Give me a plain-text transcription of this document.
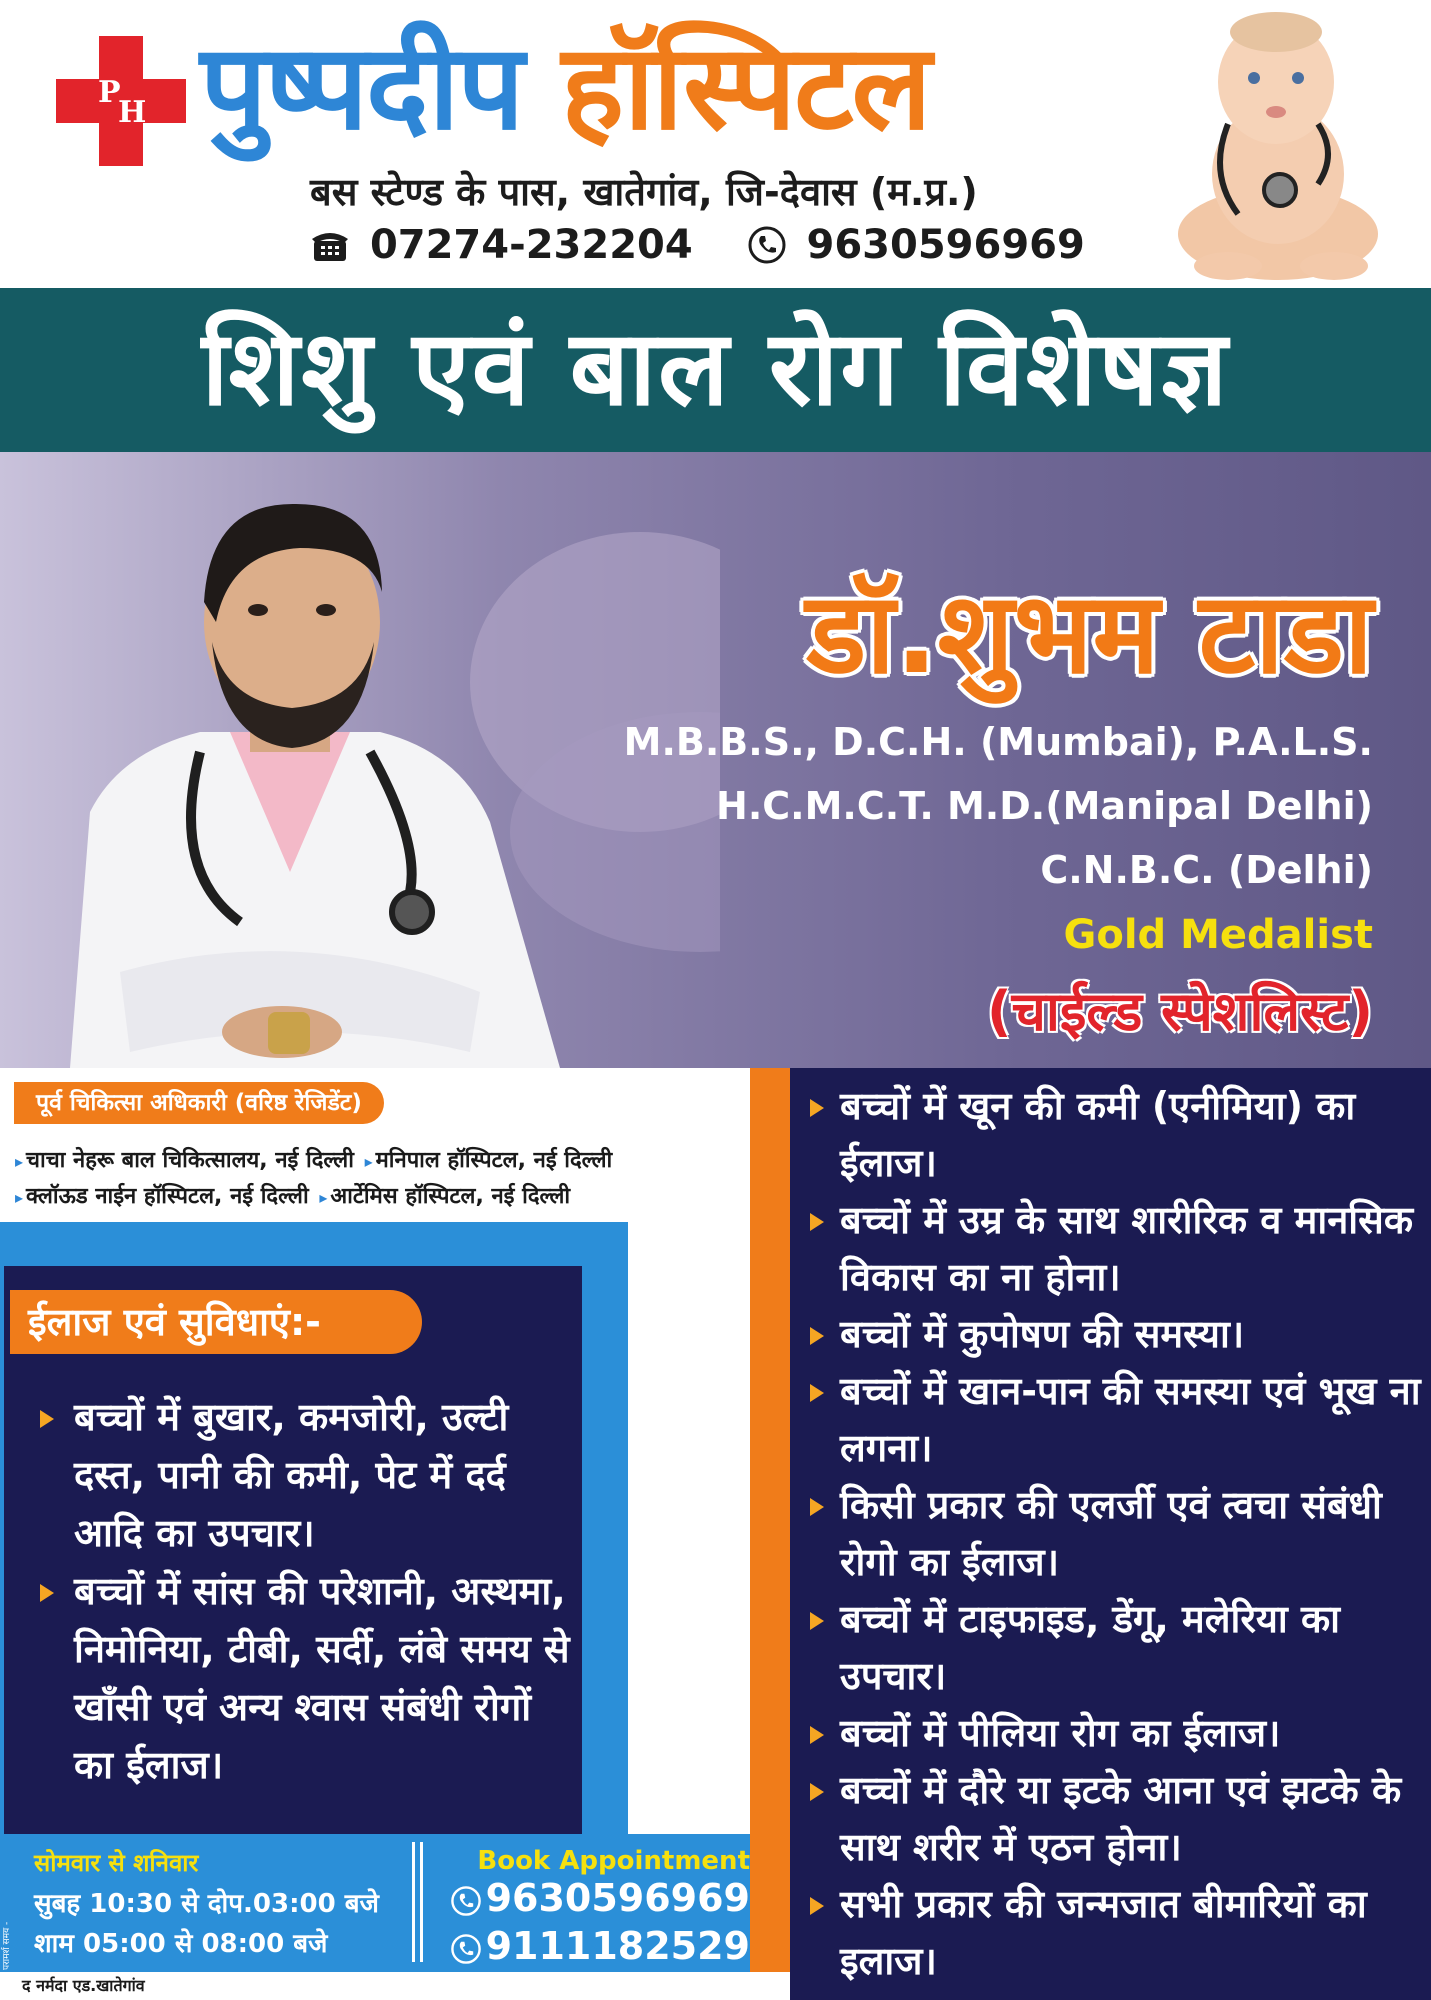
P
H पुष्पदीप हॉस्पिटल
बस स्टेण्ड के पास, खातेगांव, जि-देवास (म.प्र.)
07274-232204	9630596969
शिशु एवं बाल रोग विशेषज्ञ
डॉ.शुभम टाडा
M.B.B.S., D.C.H. (Mumbai), P.A.L.S.
H.C.M.C.T. M.D.(Manipal Delhi)
C.N.B.C. (Delhi)
Gold Medalist
(चाईल्ड स्पेशलिस्ट)
पूर्व चिकित्सा अधिकारी (वरिष्ठ रेजिडेंट)
▸ चाचा नेहरू बाल चिकित्सालय, नई दिल्ली ▸ मनिपाल हॉस्पिटल, नई दिल्ली
▸ क्लॉऊड नाईन हॉस्पिटल, नई दिल्ली ▸ आर्टेमिस हॉस्पिटल, नई दिल्ली
ईलाज एवं सुविधाएं:-
बच्चों में बुखार, कमजोरी, उल्टी दस्त, पानी की कमी, पेट में दर्द आदि का उपचार।
बच्चों में सांस की परेशानी, अस्थमा, निमोनिया, टीबी, सर्दी, लंबे समय से खाँसी एवं अन्य श्वास संबंधी रोगों का ईलाज।
परामर्श समय -
सोमवार से शनिवार
सुबह 10:30 से दोप.03:00 बजे
शाम 05:00 से 08:00 बजे
Book Appointment
9630596969
9111182529
द नर्मदा एड.खातेगांव
बच्चों में खून की कमी (एनीमिया) का ईलाज।
बच्चों में उम्र के साथ शारीरिक व मानसिक विकास का ना होना।
बच्चों में कुपोषण की समस्या।
बच्चों में खान-पान की समस्या एवं भूख ना लगना।
किसी प्रकार की एलर्जी एवं त्वचा संबंधी रोगो का ईलाज।
बच्चों में टाइफाइड, डेंगू, मलेरिया का उपचार।
बच्चों में पीलिया रोग का ईलाज।
बच्चों में दौरे या इटके आना एवं झटके के साथ शरीर में एठन होना।
सभी प्रकार की जन्मजात बीमारियों का इलाज।
